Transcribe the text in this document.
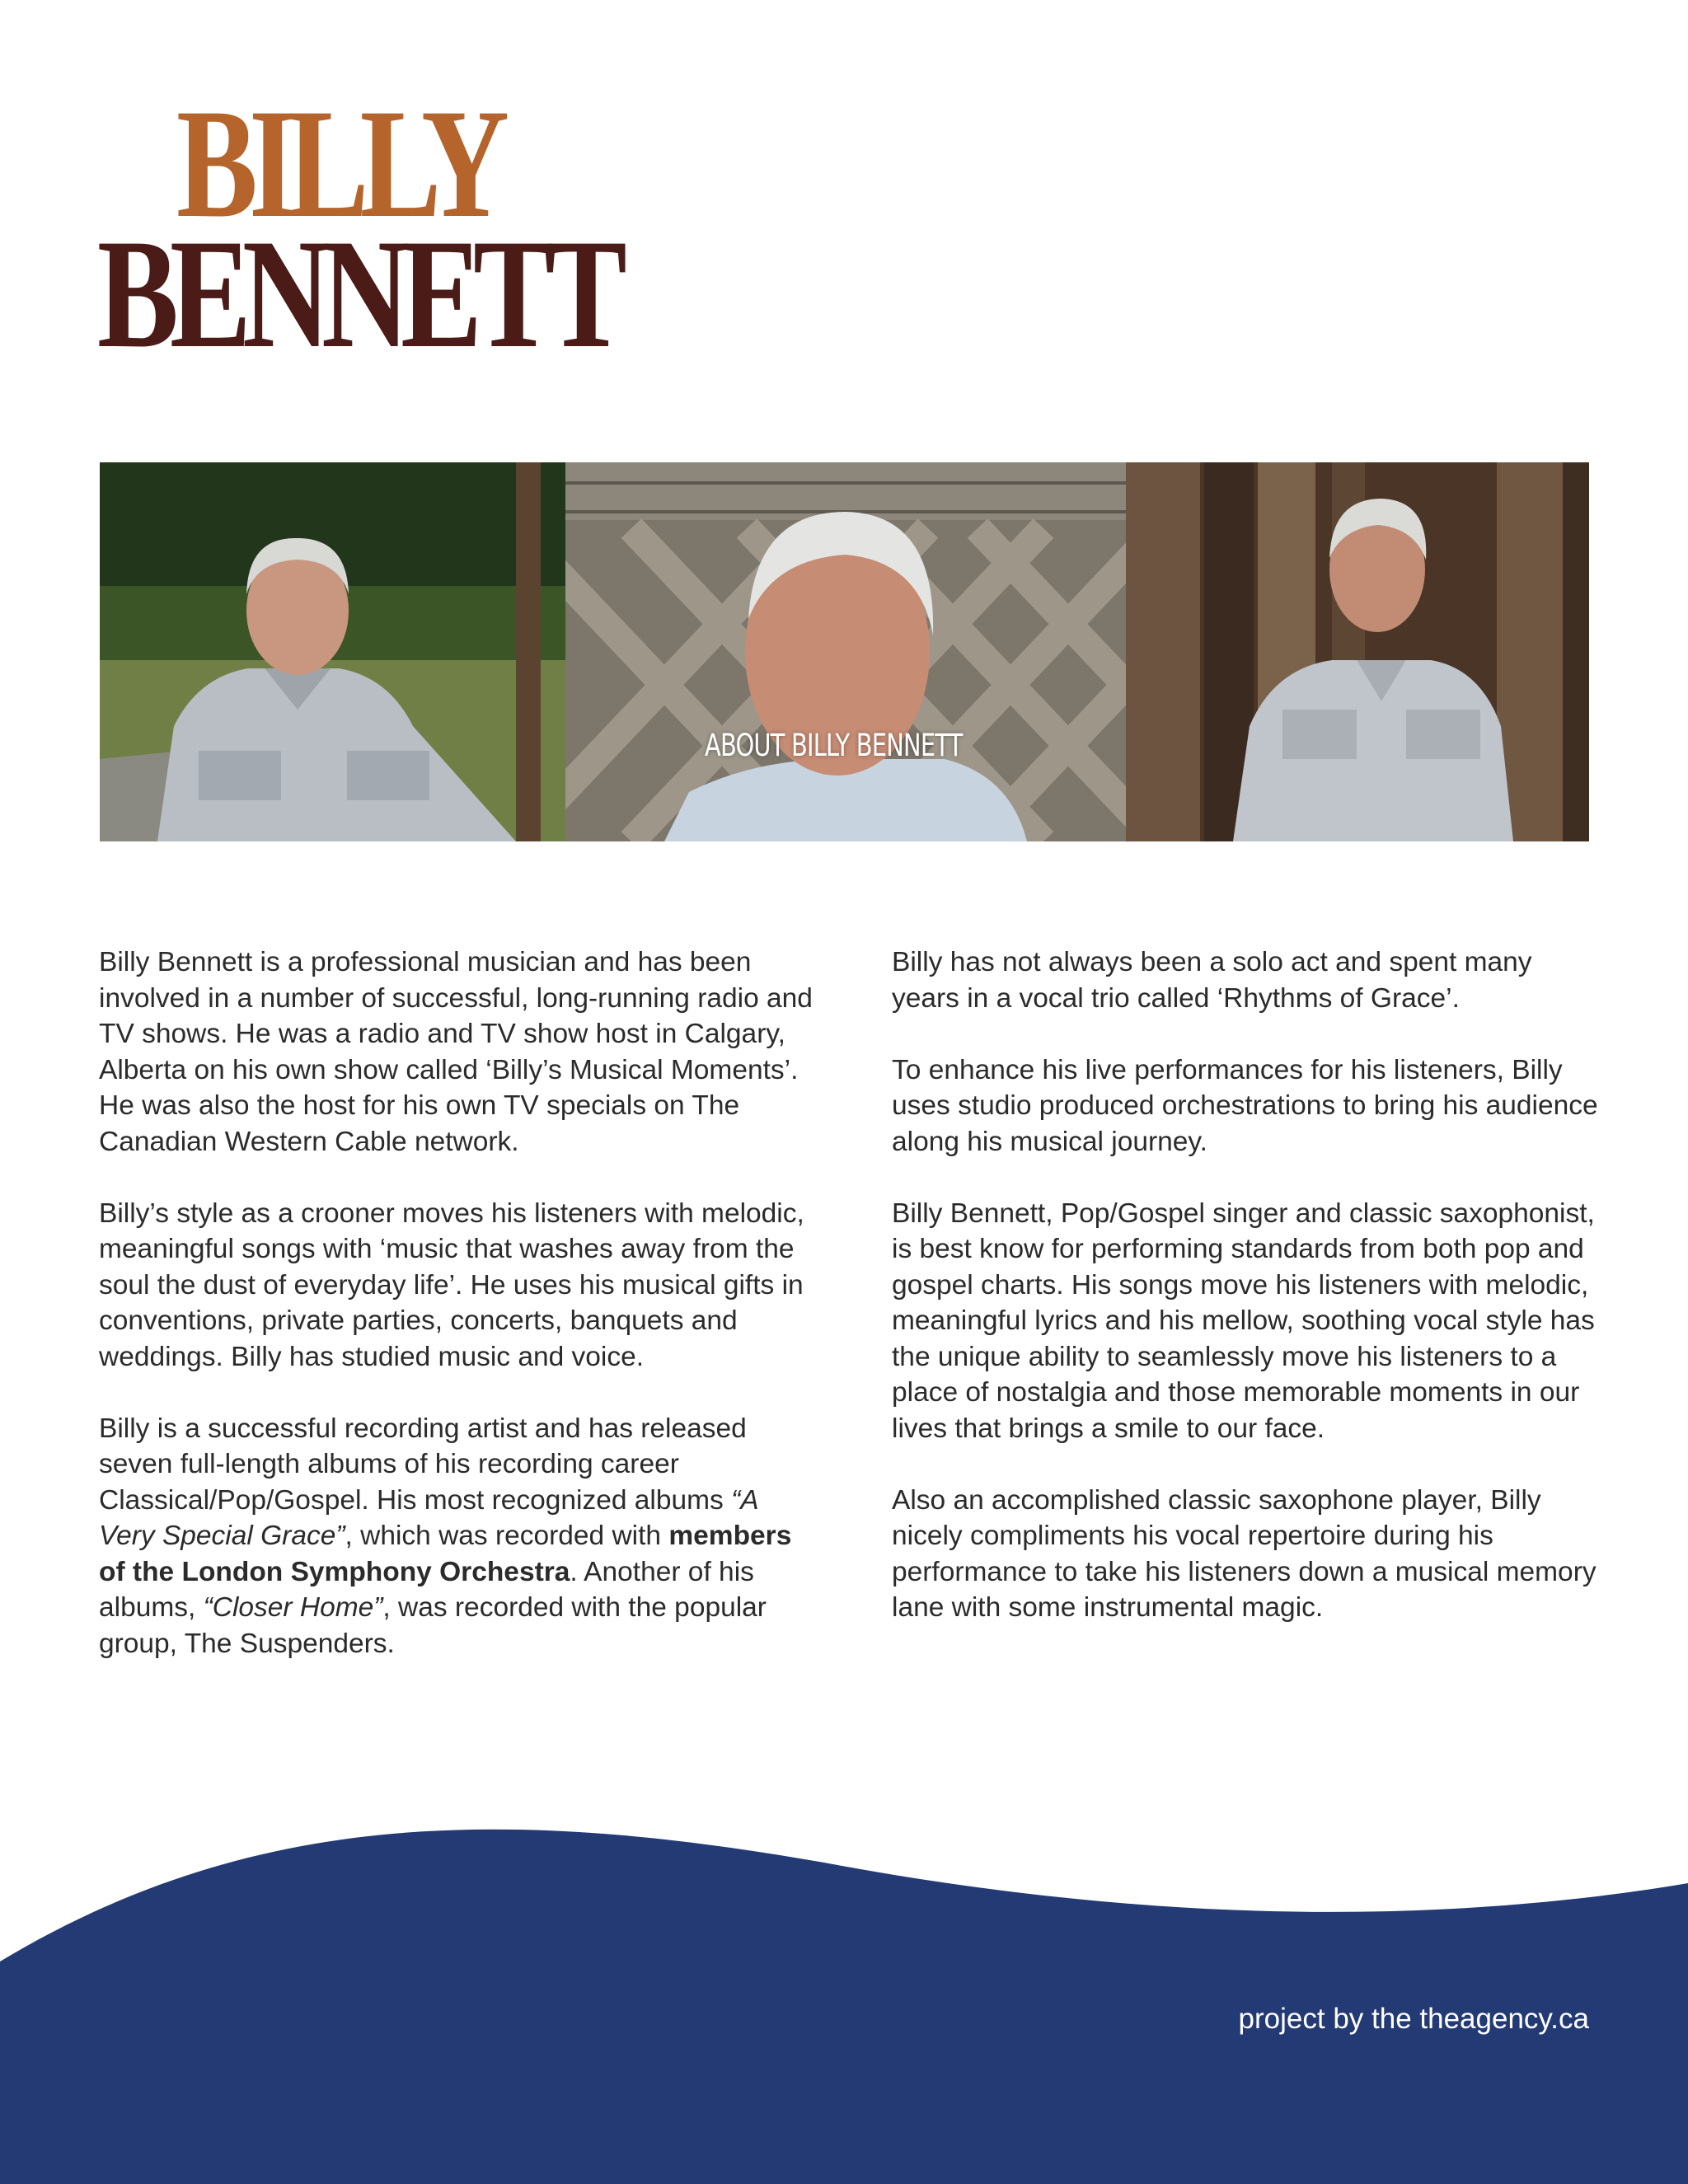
BILLY
BENNETT
ABOUT BILLY BENNETT

Billy Bennett is a professional musician and has been involved in a number of successful, long-running radio and TV shows. He was a radio and TV show host in Calgary, Alberta on his own show called ‘Billy’s Musical Moments’. He was also the host for his own TV specials on The Canadian Western Cable network.

Billy’s style as a crooner moves his listeners with melodic, meaningful songs with ‘music that washes away from the soul the dust of everyday life’. He uses his musical gifts in conventions, private parties, concerts, banquets and weddings. Billy has studied music and voice.

Billy is a successful recording artist and has released seven full-length albums of his recording career Classical/Pop/Gospel. His most recognized albums “A Very Special Grace”, which was recorded with members of the London Symphony Orchestra. Another of his albums, “Closer Home”, was recorded with the popular group, The Suspenders.

Billy has not always been a solo act and spent many years in a vocal trio called ‘Rhythms of Grace’.

To enhance his live performances for his listeners, Billy uses studio produced orchestrations to bring his audience along his musical journey.

Billy Bennett, Pop/Gospel singer and classic saxophonist, is best know for performing standards from both pop and gospel charts. His songs move his listeners with melodic, meaningful lyrics and his mellow, soothing vocal style has the unique ability to seamlessly move his listeners to a place of nostalgia and those memorable moments in our lives that brings a smile to our face.

Also an accomplished classic saxophone player, Billy nicely compliments his vocal repertoire during his performance to take his listeners down a musical memory lane with some instrumental magic.

project by the theagency.ca
